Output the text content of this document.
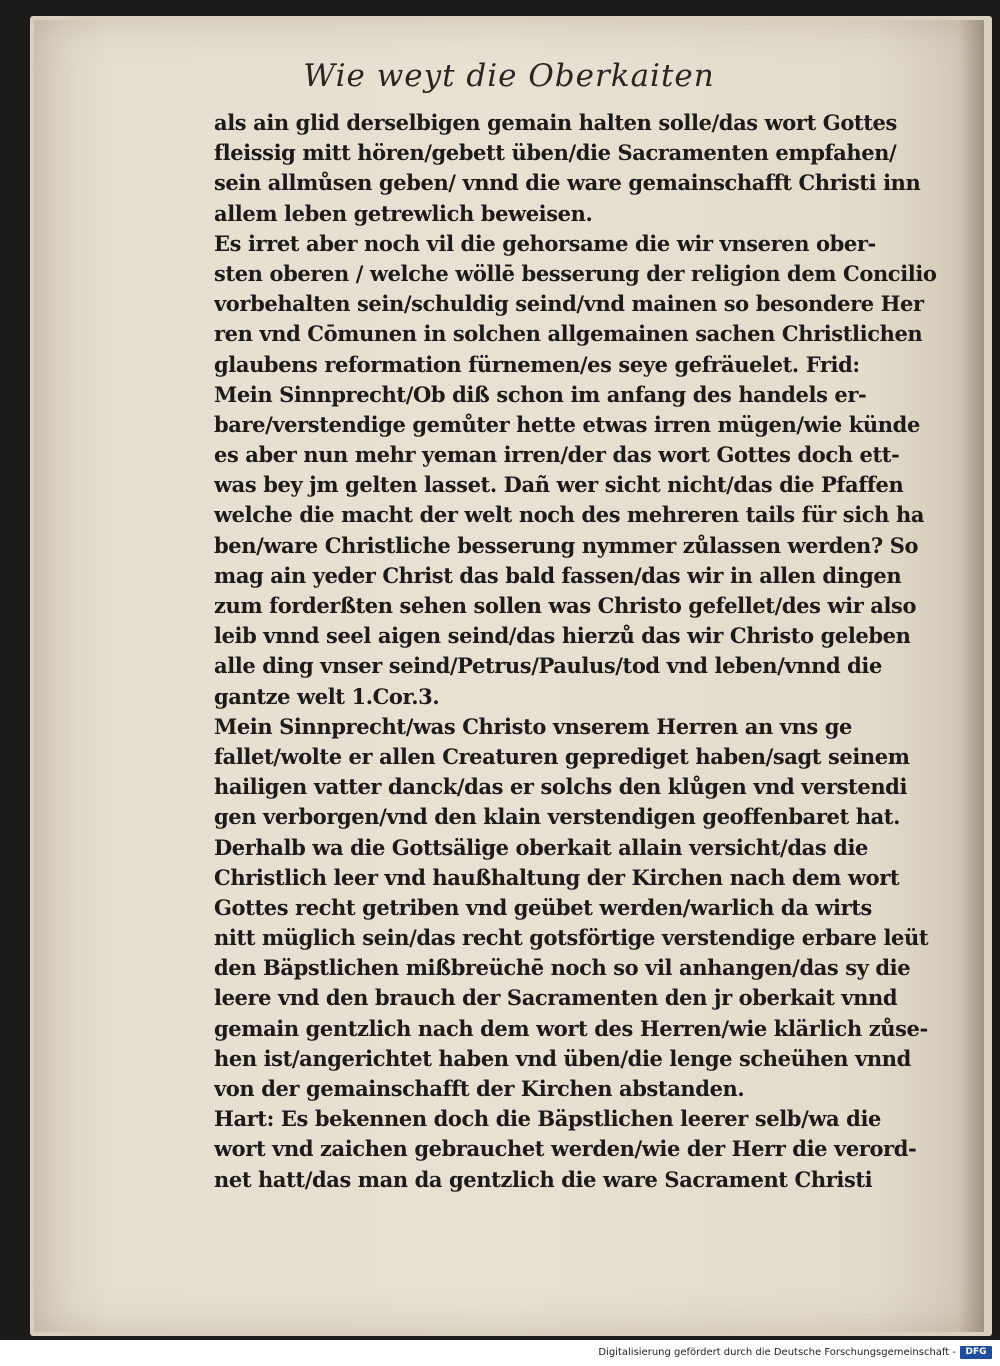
Wie weyt die Oberkaiten
als ain glid derselbigen gemain halten solle/das wort Gottes
fleissig mitt hören/gebett üben/die Sacramenten empfahen/
sein allmůsen geben/ vnnd die ware gemainschafft Christi inn
allem leben getrewlich beweisen.
Es irret aber noch vil die gehorsame die wir vnseren ober-
sten oberen / welche wöllē besserung der religion dem Concilio
vorbehalten sein/schuldig seind/vnd mainen so besondere Her
ren vnd Cōmunen in solchen allgemainen sachen Christlichen
glaubens reformation fürnemen/es seye gefräuelet. Frid:
Mein Sinnprecht/Ob diß schon im anfang des handels er-
bare/verstendige gemůter hette etwas irren mügen/wie künde
es aber nun mehr yeman irren/der das wort Gottes doch ett-
was bey jm gelten lasset. Dañ wer sicht nicht/das die Pfaffen
welche die macht der welt noch des mehreren tails für sich ha
ben/ware Christliche besserung nymmer zůlassen werden? So
mag ain yeder Christ das bald fassen/das wir in allen dingen
zum forderßten sehen sollen was Christo gefellet/des wir also
leib vnnd seel aigen seind/das hierzů das wir Christo geleben
alle ding vnser seind/Petrus/Paulus/tod vnd leben/vnnd die
gantze welt 1.Cor.3.
Mein Sinnprecht/was Christo vnserem Herren an vns ge
fallet/wolte er allen Creaturen geprediget haben/sagt seinem
hailigen vatter danck/das er solchs den klůgen vnd verstendi
gen verborgen/vnd den klain verstendigen geoffenbaret hat.
Derhalb wa die Gottsälige oberkait allain versicht/das die
Christlich leer vnd haußhaltung der Kirchen nach dem wort
Gottes recht getriben vnd geübet werden/warlich da wirts
nitt müglich sein/das recht gotsförtige verstendige erbare leüt
den Bäpstlichen mißbreüchē noch so vil anhangen/das sy die
leere vnd den brauch der Sacramenten den jr oberkait vnnd
gemain gentzlich nach dem wort des Herren/wie klärlich zůse-
hen ist/angerichtet haben vnd üben/die lenge scheühen vnnd
von der gemainschafft der Kirchen abstanden.
Hart: Es bekennen doch die Bäpstlichen leerer selb/wa die
wort vnd zaichen gebrauchet werden/wie der Herr die verord-
net hatt/das man da gentzlich die ware Sacrament Christi
Digitalisierung gefördert durch die Deutsche Forschungsgemeinschaft -	DFG
